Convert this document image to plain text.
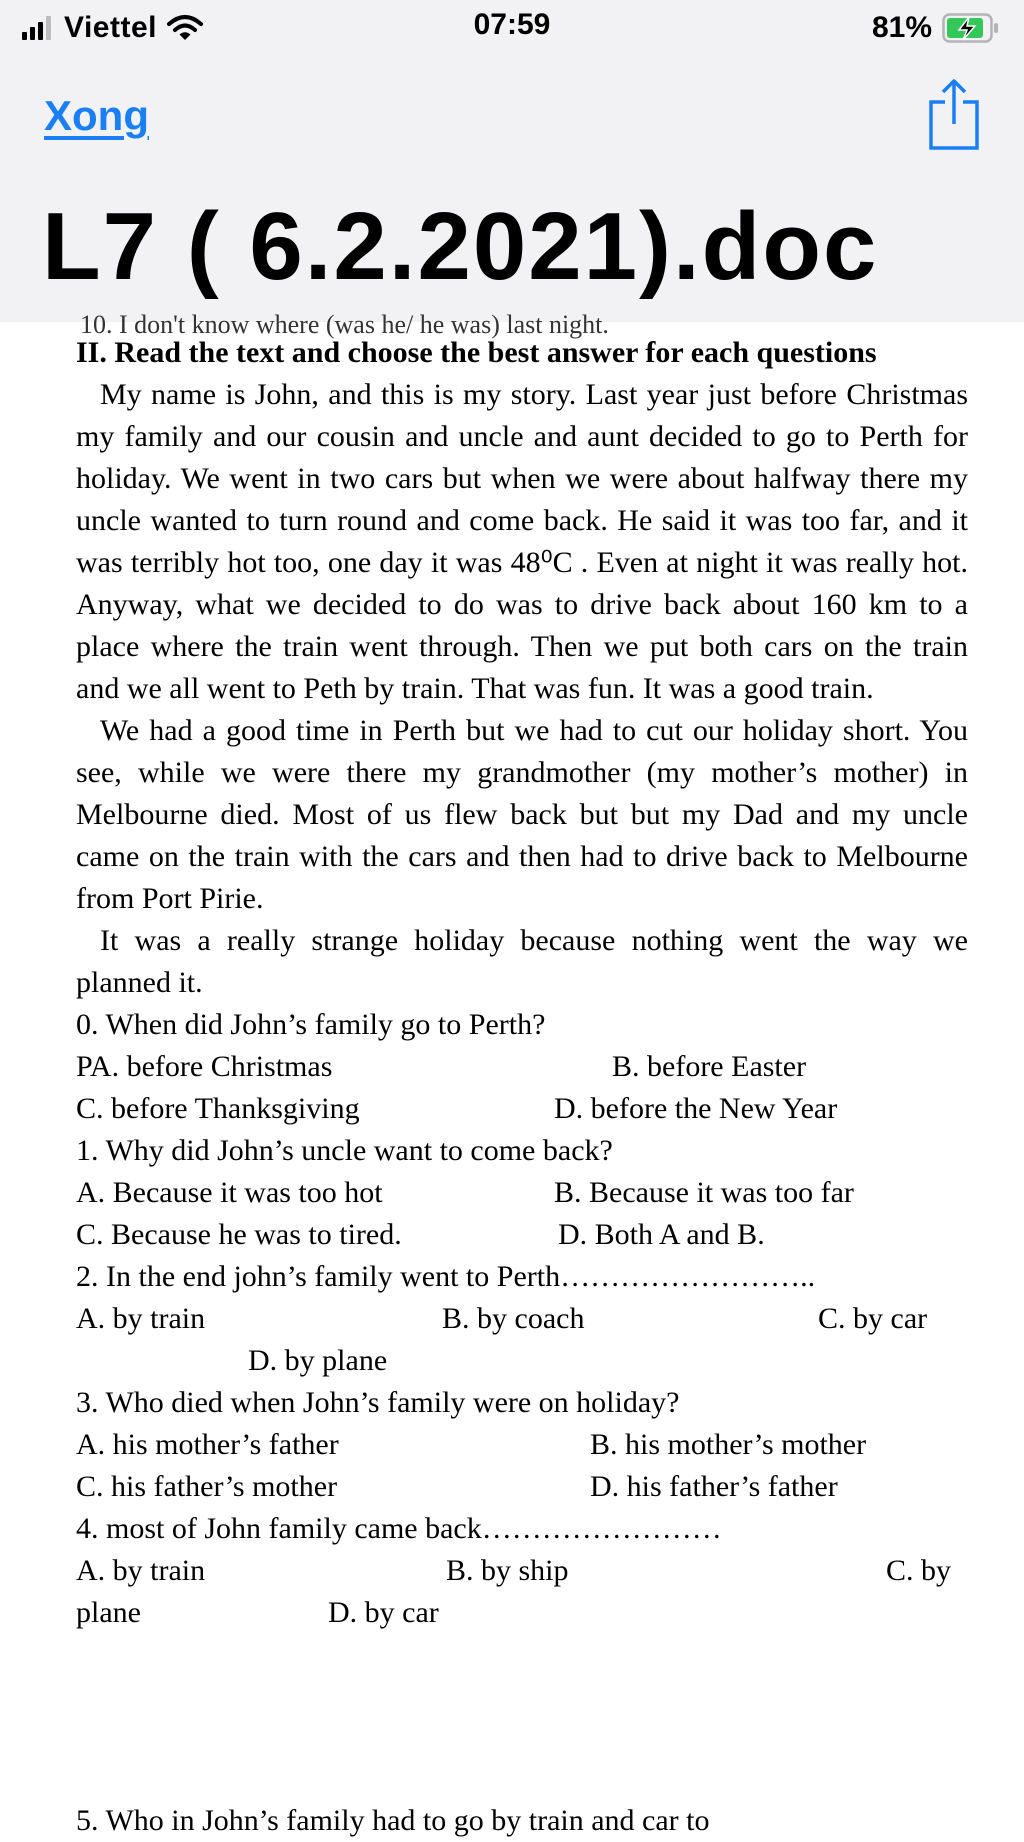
Viettel	07:59	81%
Xong
L7 ( 6.2.2021).doc
10. I don't know where (was he/ he was) last night.

II. Read the text and choose the best answer for each questions

My name is John, and this is my story. Last year just before Christmas my family and our cousin and uncle and aunt decided to go to Perth for holiday. We went in two cars but when we were about halfway there my uncle wanted to turn round and come back. He said it was too far, and it was terribly hot too, one day it was 48⁰C . Even at night it was really hot. Anyway, what we decided to do was to drive back about 160 km to a place where the train went through. Then we put both cars on the train and we all went to Peth by train. That was fun. It was a good train.

We had a good time in Perth but we had to cut our holiday short. You see, while we were there my grandmother (my mother’s mother) in Melbourne died. Most of us flew back but but my Dad and my uncle came on the train with the cars and then had to drive back to Melbourne from Port Pirie.

It was a really strange holiday because nothing went the way we planned it.

0. When did John’s family go to Perth?

PA. before Christmas	B. before Easter
C. before Thanksgiving	D. before the New Year

1. Why did John’s uncle want to come back?

A. Because it was too hot	B. Because it was too far
C. Because he was to tired.	D. Both A and B.

2. In the end john’s family went to Perth……………………..

A. by train	B. by coach	C. by car
D. by plane

3. Who died when John’s family were on holiday?

A. his mother’s father	B. his mother’s mother
C. his father’s mother	D. his father’s father

4. most of John family came back……………………

A. by train	B. by ship	C. by
plane	D. by car
5. Who in John’s family had to go by train and car to
